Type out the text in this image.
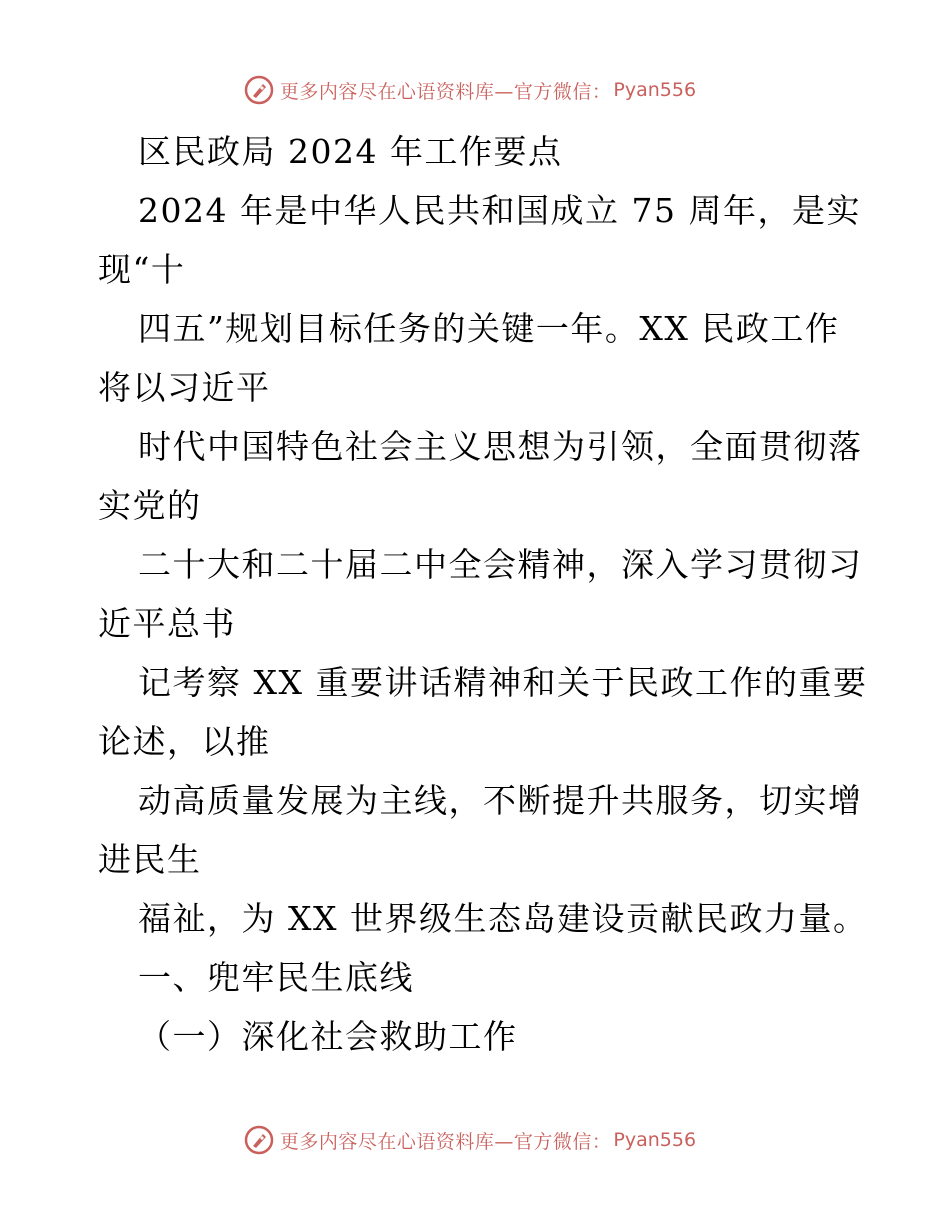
更多内容尽在心语资料库—官方微信： Pyan556
区民政局 2024 年工作要点
2024 年是中华人民共和国成立 75 周年，是实
现“十
四五”规划目标任务的关键一年。XX 民政工作
将以习近平
时代中国特色社会主义思想为引领，全面贯彻落
实党的
二十大和二十届二中全会精神，深入学习贯彻习
近平总书
记考察 XX 重要讲话精神和关于民政工作的重要
论述，以推
动高质量发展为主线，不断提升共服务，切实增
进民生
福祉，为 XX 世界级生态岛建设贡献民政力量。
一、兜牢民生底线
（一）深化社会救助工作
更多内容尽在心语资料库—官方微信： Pyan556
